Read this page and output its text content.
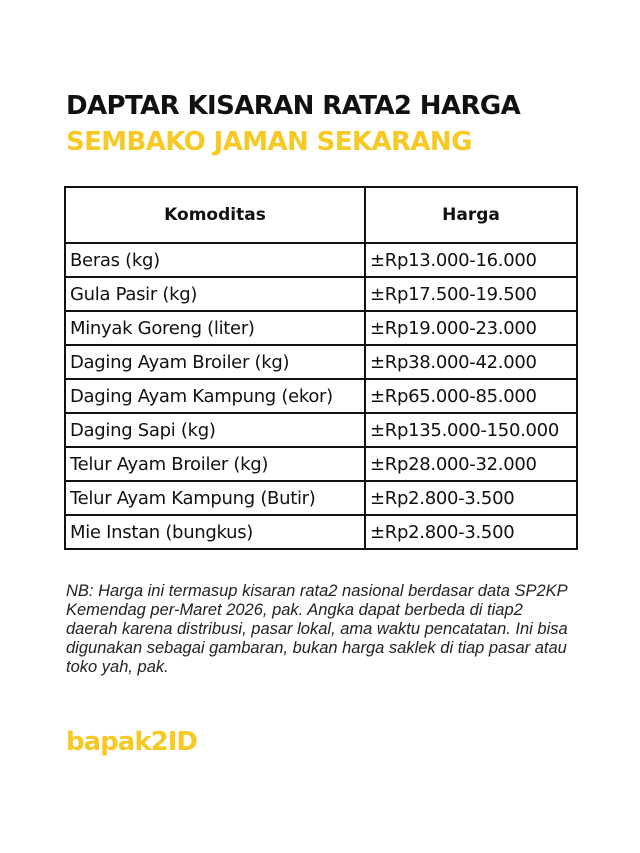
DAPTAR KISARAN RATA2 HARGA
SEMBAKO JAMAN SEKARANG
Komoditas	Harga
Beras (kg)	±Rp13.000-16.000
Gula Pasir (kg)	±Rp17.500-19.500
Minyak Goreng (liter)	±Rp19.000-23.000
Daging Ayam Broiler (kg)	±Rp38.000-42.000
Daging Ayam Kampung (ekor)	±Rp65.000-85.000
Daging Sapi (kg)	±Rp135.000-150.000
Telur Ayam Broiler (kg)	±Rp28.000-32.000
Telur Ayam Kampung (Butir)	±Rp2.800-3.500
Mie Instan (bungkus)	±Rp2.800-3.500

NB: Harga ini termasup kisaran rata2 nasional berdasar data SP2KP Kemendag per-Maret 2026, pak. Angka dapat berbeda di tiap2 daerah karena distribusi, pasar lokal, ama waktu pencatatan. Ini bisa digunakan sebagai gambaran, bukan harga saklek di tiap pasar atau toko yah, pak.

bapak2ID
